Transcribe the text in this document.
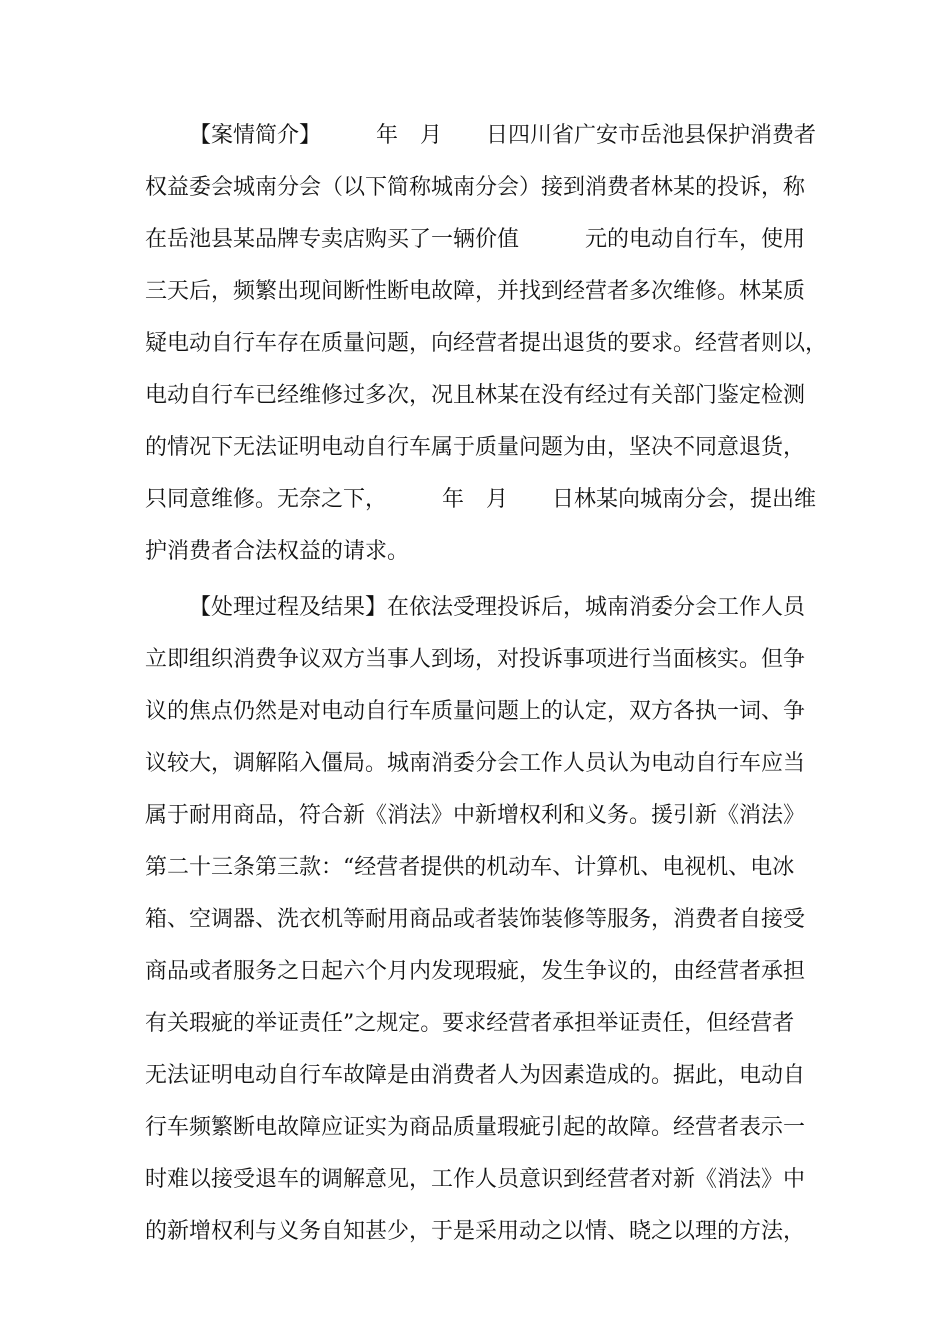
【案情简介】　　　年　月　　日四川省广安市岳池县保护消费者
权益委会城南分会（以下简称城南分会）接到消费者林某的投诉，称
在岳池县某品牌专卖店购买了一辆价值　　　元的电动自行车，使用
三天后，频繁出现间断性断电故障，并找到经营者多次维修。林某质
疑电动自行车存在质量问题，向经营者提出退货的要求。经营者则以，
电动自行车已经维修过多次，况且林某在没有经过有关部门鉴定检测
的情况下无法证明电动自行车属于质量问题为由，坚决不同意退货，
只同意维修。无奈之下，　　　年　月　　日林某向城南分会，提出维
护消费者合法权益的请求。
【处理过程及结果】在依法受理投诉后，城南消委分会工作人员
立即组织消费争议双方当事人到场，对投诉事项进行当面核实。但争
议的焦点仍然是对电动自行车质量问题上的认定，双方各执一词、争
议较大，调解陷入僵局。城南消委分会工作人员认为电动自行车应当
属于耐用商品，符合新《消法》中新增权利和义务。援引新《消法》
第二十三条第三款：“经营者提供的机动车、计算机、电视机、电冰
箱、空调器、洗衣机等耐用商品或者装饰装修等服务，消费者自接受
商品或者服务之日起六个月内发现瑕疵，发生争议的，由经营者承担
有关瑕疵的举证责任”之规定。要求经营者承担举证责任，但经营者
无法证明电动自行车故障是由消费者人为因素造成的。据此，电动自
行车频繁断电故障应证实为商品质量瑕疵引起的故障。经营者表示一
时难以接受退车的调解意见，工作人员意识到经营者对新《消法》中
的新增权利与义务自知甚少，于是采用动之以情、晓之以理的方法，
